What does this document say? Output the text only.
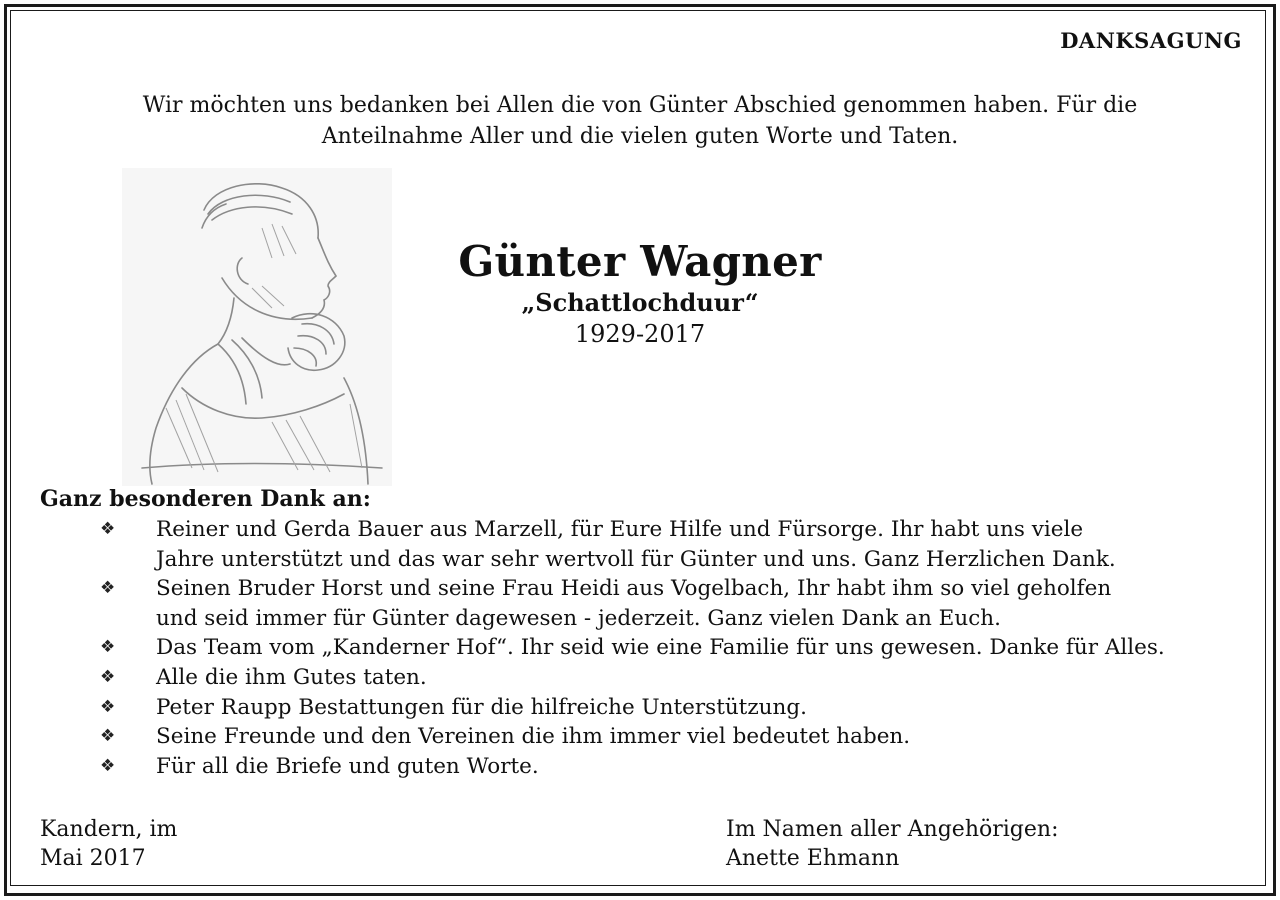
DANKSAGUNG
Wir möchten uns bedanken bei Allen die von Günter Abschied genommen haben. Für die
Anteilnahme Aller und die vielen guten Worte und Taten.
Günter Wagner
„Schattlochduur“
1929-2017
Ganz besonderen Dank an:
❖	Reiner und Gerda Bauer aus Marzell, für Eure Hilfe und Fürsorge. Ihr habt uns viele
Jahre unterstützt und das war sehr wertvoll für Günter und uns. Ganz Herzlichen Dank.
❖	Seinen Bruder Horst und seine Frau Heidi aus Vogelbach, Ihr habt ihm so viel geholfen
und seid immer für Günter dagewesen - jederzeit. Ganz vielen Dank an Euch.
❖	Das Team vom „Kanderner Hof“. Ihr seid wie eine Familie für uns gewesen. Danke für Alles.
❖	Alle die ihm Gutes taten.
❖	Peter Raupp Bestattungen für die hilfreiche Unterstützung.
❖	Seine Freunde und den Vereinen die ihm immer viel bedeutet haben.
❖	Für all die Briefe und guten Worte.
Kandern, im
Mai 2017
Im Namen aller Angehörigen:
Anette Ehmann
